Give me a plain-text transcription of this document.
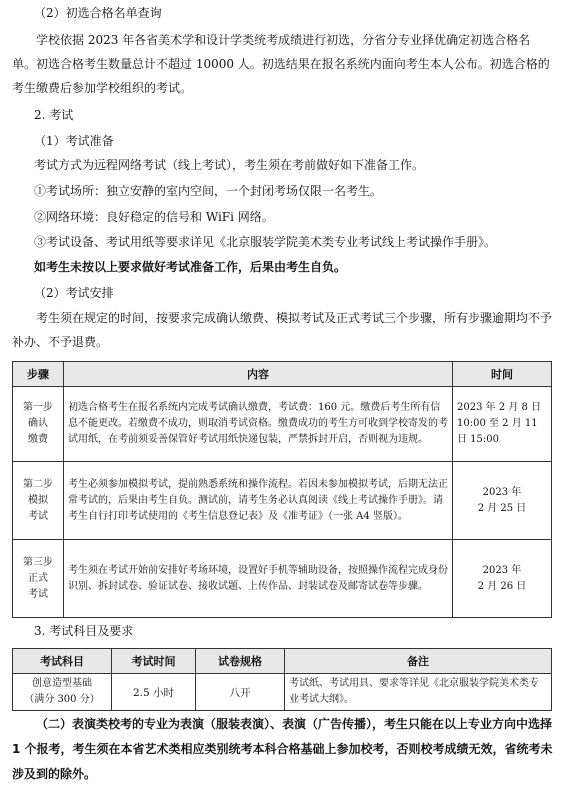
（2）初选合格名单查询
学校依据 2023 年各省美术学和设计学类统考成绩进行初选，分省分专业择优确定初选合格名单。初选合格考生数量总计不超过 10000 人。初选结果在报名系统内面向考生本人公布。初选合格的考生缴费后参加学校组织的考试。
2. 考试
（1）考试准备
考试方式为远程网络考试（线上考试），考生须在考前做好如下准备工作。
①考试场所：独立安静的室内空间，一个封闭考场仅限一名考生。
②网络环境：良好稳定的信号和 WiFi 网络。
③考试设备、考试用纸等要求详见《北京服装学院美术类专业考试线上考试操作手册》。
如考生未按以上要求做好考试准备工作，后果由考生自负。
（2）考试安排
考生须在规定的时间，按要求完成确认缴费、模拟考试及正式考试三个步骤，所有步骤逾期均不予补办、不予退费。
步骤	内容	时间
第一步
确认
缴费	初选合格考生在报名系统内完成考试确认缴费，考试费：160 元。缴费后考生所有信息不能更改。若缴费不成功，则取消考试资格。缴费成功的考生方可收到学校寄发的考试用纸，在考前须妥善保管好考试用纸快递包装，严禁拆封开启，否则视为违规。	2023 年 2 月 8 日
10:00 至 2 月 11
日 15:00
第二步
模拟
考试	考生必须参加模拟考试，提前熟悉系统和操作流程。若因未参加模拟考试，后期无法正常考试的，后果由考生自负。测试前，请考生务必认真阅读《线上考试操作手册》。请考生自行打印考试使用的《考生信息登记表》及《准考证》（一张 A4 竖版）。	2023 年
2 月 25 日
第三步
正式
考试	考生须在考试开始前安排好考场环境，设置好手机等辅助设备，按照操作流程完成身份识别、拆封试卷、验证试卷、接收试题、上传作品、封装试卷及邮寄试卷等步骤。	2023 年
2 月 26 日
3. 考试科目及要求
考试科目	考试时间	试卷规格	备注
创意造型基础
（满分 300 分）	2.5 小时	八开	考试纸、考试用具、要求等详见《北京服装学院美术类专业考试大纲》。
（二）表演类校考的专业为表演（服装表演）、表演（广告传播），考生只能在以上专业方向中选择 1 个报考，考生须在本省艺术类相应类别统考本科合格基础上参加校考，否则校考成绩无效，省统考未涉及到的除外。
